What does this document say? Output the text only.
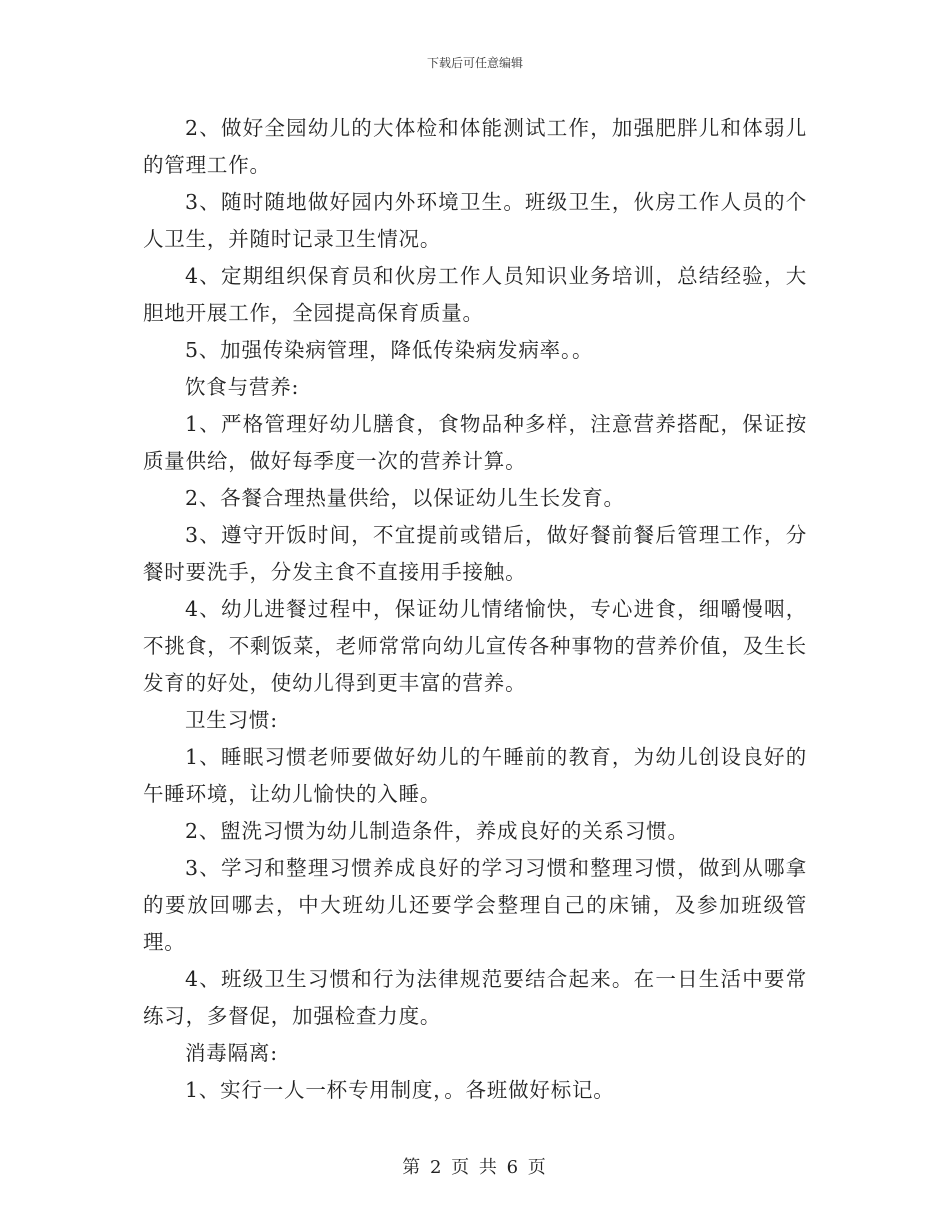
下载后可任意编辑

2、做好全园幼儿的大体检和体能测试工作，加强肥胖儿和体弱儿的管理工作。

3、随时随地做好园内外环境卫生。班级卫生，伙房工作人员的个人卫生，并随时记录卫生情况。

4、定期组织保育员和伙房工作人员知识业务培训，总结经验，大胆地开展工作，全园提高保育质量。

5、加强传染病管理，降低传染病发病率。。

饮食与营养:

1、严格管理好幼儿膳食，食物品种多样，注意营养搭配，保证按质量供给，做好每季度一次的营养计算。

2、各餐合理热量供给，以保证幼儿生长发育。

3、遵守开饭时间，不宜提前或错后，做好餐前餐后管理工作，分餐时要洗手，分发主食不直接用手接触。

4、幼儿进餐过程中，保证幼儿情绪愉快，专心进食，细嚼慢咽，不挑食，不剩饭菜，老师常常向幼儿宣传各种事物的营养价值，及生长发育的好处，使幼儿得到更丰富的营养。

卫生习惯:

1、睡眠习惯老师要做好幼儿的午睡前的教育，为幼儿创设良好的午睡环境，让幼儿愉快的入睡。

2、盥洗习惯为幼儿制造条件，养成良好的关系习惯。

3、学习和整理习惯养成良好的学习习惯和整理习惯，做到从哪拿的要放回哪去，中大班幼儿还要学会整理自己的床铺，及参加班级管理。

4、班级卫生习惯和行为法律规范要结合起来。在一日生活中要常练习，多督促，加强检查力度。

消毒隔离:

1、实行一人一杯专用制度，。各班做好标记。

第 2 页 共 6 页
